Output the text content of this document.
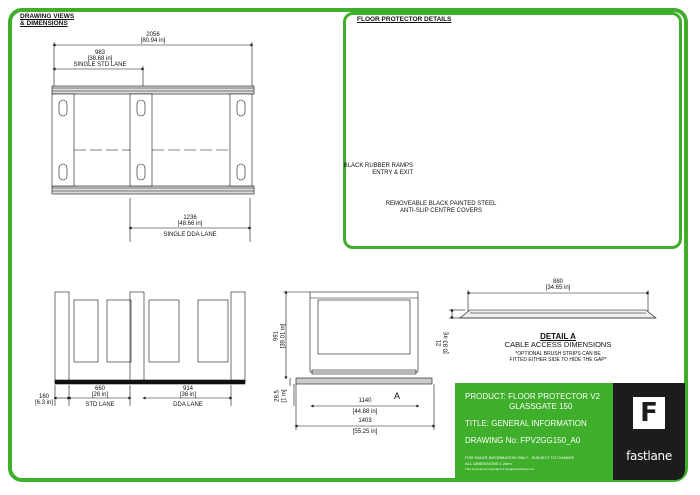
DRAWING VIEWS
& DIMENSIONS
2056
[80.94 in]
983
[38.68 in]
SINGLE STD LANE
1236
[48.66 in]
SINGLE DDA LANE
FLOOR PROTECTOR DETAILS
BLACK RUBBER RAMPS
ENTRY & EXIT
REMOVEABLE BLACK PAINTED STEEL
ANTI-SLIP CENTRE COVERS
160
[6.3 in]
660
[26 in]
STD LANE
914
[36 in]
DDA LANE
991 [39.01 in]
28.5 [1 in]	1140
[44.88 in]
1403
[55.25 in]
A
880
[34.65 in]
21 [0.83 in]	DETAIL A
CABLE ACCESS DIMENSIONS
*OPTIONAL BRUSH STRIPS CAN BE
FITTED EITHER SIDE TO HIDE THE GAP*
PRODUCT: FLOOR PROTECTOR V2
GLASSGATE 150
TITLE: GENERAL INFORMATION
DRAWING No: FPV2GG150_A0
FOR SALES INFORMATION ONLY - SUBJECT TO CHANGE
ALL DIMENSIONS ± 2mm
This document is copyright of Integrated Design Ltd
F
fastlane
